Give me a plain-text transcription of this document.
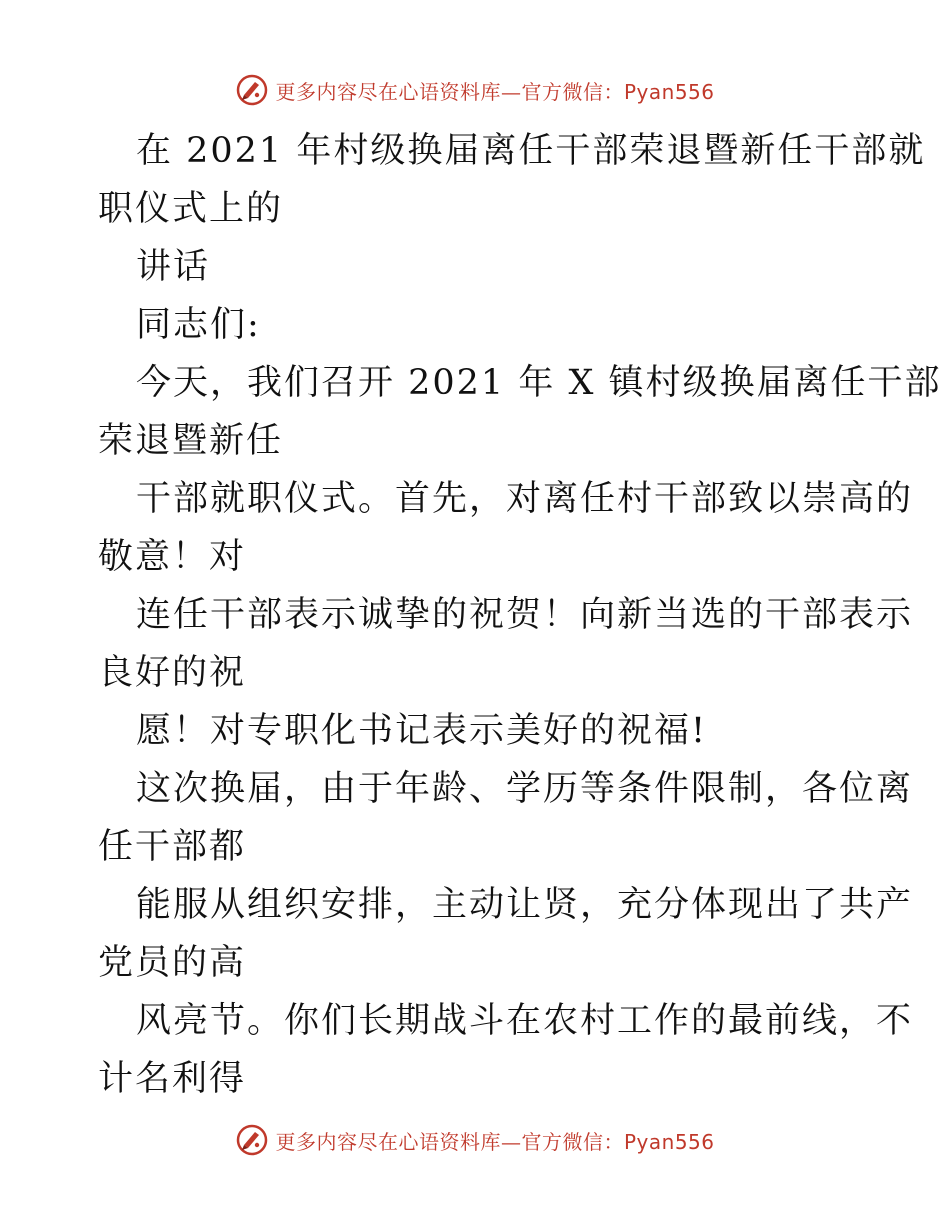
更多内容尽在心语资料库—官方微信：Pyan556
在 2021 年村级换届离任干部荣退暨新任干部就
职仪式上的
讲话
同志们:
今天，我们召开 2021 年 X 镇村级换届离任干部
荣退暨新任
干部就职仪式。首先，对离任村干部致以崇高的
敬意！对
连任干部表示诚挚的祝贺！向新当选的干部表示
良好的祝
愿！对专职化书记表示美好的祝福!
这次换届，由于年龄、学历等条件限制，各位离
任干部都
能服从组织安排，主动让贤，充分体现出了共产
党员的高
风亮节。你们长期战斗在农村工作的最前线，不
计名利得
更多内容尽在心语资料库—官方微信：Pyan556
